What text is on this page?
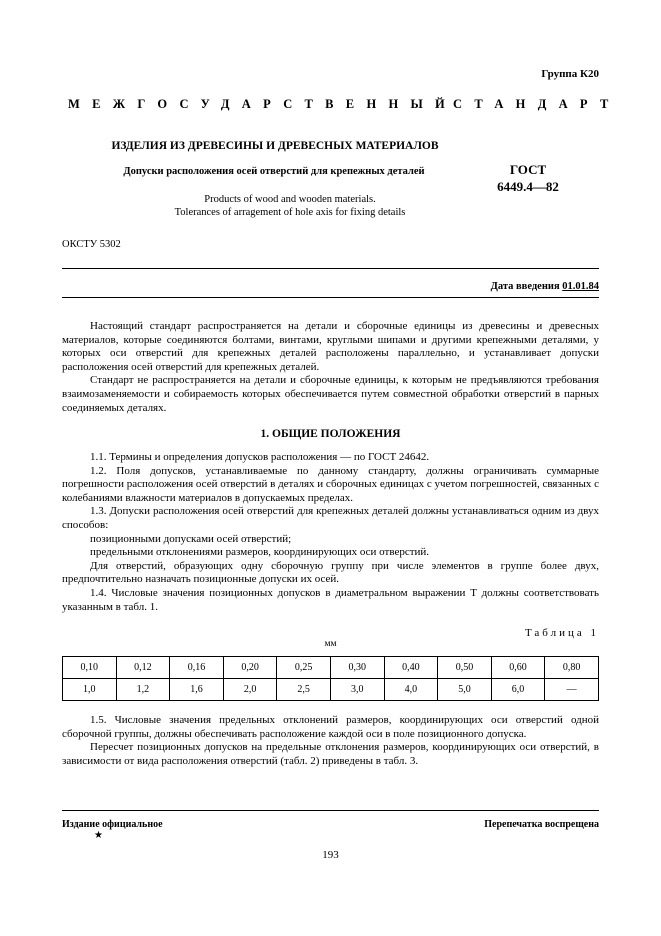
Группа К20
МЕЖГОСУДАРСТВЕННЫЙ
СТАНДАРТ
ИЗДЕЛИЯ ИЗ ДРЕВЕСИНЫ И ДРЕВЕСНЫХ МАТЕРИАЛОВ
Допуски расположения осей отверстий для крепежных деталей	ГОСТ
6449.4—82
Products of wood and wooden materials.
Tolerances of arragement of hole axis for fixing details
ОКСТУ 5302
Дата введения 01.01.84

Настоящий стандарт распространяется на детали и сборочные единицы из древесины и древесных материалов, которые соединяются болтами, винтами, круглыми шипами и другими крепежными деталями, у которых оси отверстий для крепежных деталей расположены параллельно, и устанавливает допуски расположения осей отверстий для крепежных деталей.

Стандарт не распространяется на детали и сборочные единицы, к которым не предъявляются требования взаимозаменяемости и собираемость которых обеспечивается путем совместной обработки отверстий в парных соединяемых деталях.

1. ОБЩИЕ ПОЛОЖЕНИЯ

1.1. Термины и определения допусков расположения — по ГОСТ 24642.

1.2. Поля допусков, устанавливаемые по данному стандарту, должны ограничивать суммарные погрешности расположения осей отверстий в деталях и сборочных единицах с учетом погрешностей, связанных с колебаниями влажности материалов в допускаемых пределах.

1.3. Допуски расположения осей отверстий для крепежных деталей должны устанавливаться одним из двух способов:

позиционными допусками осей отверстий;

предельными отклонениями размеров, координирующих оси отверстий.

Для отверстий, образующих одну сборочную группу при числе элементов в группе более двух, предпочтительно назначать позиционные допуски их осей.

1.4. Числовые значения позиционных допусков в диаметральном выражении T должны соответствовать указанным в табл. 1.

Таблица 1
мм
0,10	0,12	0,16	0,20	0,25	0,30	0,40	0,50	0,60	0,80
1,0	1,2	1,6	2,0	2,5	3,0	4,0	5,0	6,0	—

1.5. Числовые значения предельных отклонений размеров, координирующих оси отверстий одной сборочной группы, должны обеспечивать расположение каждой оси в поле позиционного допуска.

Пересчет позиционных допусков на предельные отклонения размеров, координирующих оси отверстий, в зависимости от вида расположения отверстий (табл. 2) приведены в табл. 3.

Издание официальное	Перепечатка воспрещена
★
193
